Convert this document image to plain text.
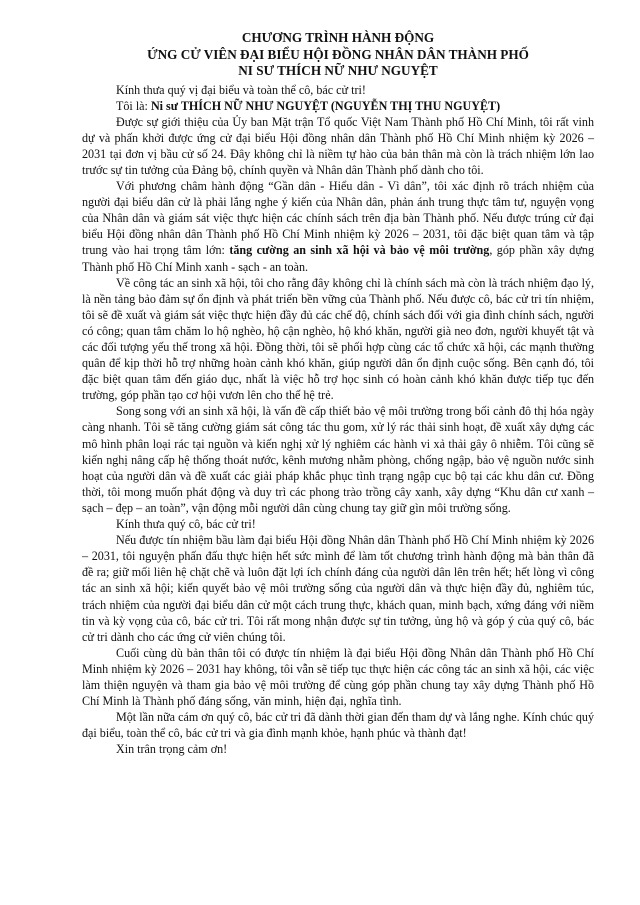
CHƯƠNG TRÌNH HÀNH ĐỘNG
ỨNG CỬ VIÊN ĐẠI BIỂU HỘI ĐỒNG NHÂN DÂN THÀNH PHỐ
NI SƯ THÍCH NỮ NHƯ NGUYỆT
Kính thưa quý vị đại biểu và toàn thể cô, bác cử tri!
Tôi là: Ni sư THÍCH NỮ NHƯ NGUYỆT (NGUYỄN THỊ THU NGUYỆT)

Được sự giới thiệu của Ủy ban Mặt trận Tổ quốc Việt Nam Thành phố Hồ Chí Minh, tôi rất vinh dự và phấn khởi được ứng cử đại biểu Hội đồng nhân dân Thành phố Hồ Chí Minh nhiệm kỳ 2026 – 2031 tại đơn vị bầu cử số 24. Đây không chỉ là niềm tự hào của bản thân mà còn là trách nhiệm lớn lao trước sự tin tưởng của Đảng bộ, chính quyền và Nhân dân Thành phố dành cho tôi.

Với phương châm hành động “Gần dân - Hiểu dân - Vì dân”, tôi xác định rõ trách nhiệm của người đại biểu dân cử là phải lắng nghe ý kiến của Nhân dân, phản ánh trung thực tâm tư, nguyện vọng của Nhân dân và giám sát việc thực hiện các chính sách trên địa bàn Thành phố. Nếu được trúng cử đại biểu Hội đồng nhân dân Thành phố Hồ Chí Minh nhiệm kỳ 2026 – 2031, tôi đặc biệt quan tâm và tập trung vào hai trọng tâm lớn: tăng cường an sinh xã hội và bảo vệ môi trường, góp phần xây dựng Thành phố Hồ Chí Minh xanh - sạch - an toàn.

Về công tác an sinh xã hội, tôi cho rằng đây không chỉ là chính sách mà còn là trách nhiệm đạo lý, là nền tảng bảo đảm sự ổn định và phát triển bền vững của Thành phố. Nếu được cô, bác cử tri tín nhiệm, tôi sẽ đề xuất và giám sát việc thực hiện đầy đủ các chế độ, chính sách đối với gia đình chính sách, người có công; quan tâm chăm lo hộ nghèo, hộ cận nghèo, hộ khó khăn, người già neo đơn, người khuyết tật và các đối tượng yếu thế trong xã hội. Đồng thời, tôi sẽ phối hợp cùng các tổ chức xã hội, các mạnh thường quân để kịp thời hỗ trợ những hoàn cảnh khó khăn, giúp người dân ổn định cuộc sống. Bên cạnh đó, tôi đặc biệt quan tâm đến giáo dục, nhất là việc hỗ trợ học sinh có hoàn cảnh khó khăn được tiếp tục đến trường, góp phần tạo cơ hội vươn lên cho thế hệ trẻ.

Song song với an sinh xã hội, là vấn đề cấp thiết bảo vệ môi trường trong bối cảnh đô thị hóa ngày càng nhanh. Tôi sẽ tăng cường giám sát công tác thu gom, xử lý rác thải sinh hoạt, đề xuất xây dựng các mô hình phân loại rác tại nguồn và kiến nghị xử lý nghiêm các hành vi xả thải gây ô nhiễm. Tôi cũng sẽ kiến nghị nâng cấp hệ thống thoát nước, kênh mương nhằm phòng, chống ngập, bảo vệ nguồn nước sinh hoạt của người dân và đề xuất các giải pháp khắc phục tình trạng ngập cục bộ tại các khu dân cư. Đồng thời, tôi mong muốn phát động và duy trì các phong trào trồng cây xanh, xây dựng “Khu dân cư xanh – sạch – đẹp – an toàn”, vận động mỗi người dân cùng chung tay giữ gìn môi trường sống.

Kính thưa quý cô, bác cử tri!

Nếu được tín nhiệm bầu làm đại biểu Hội đồng Nhân dân Thành phố Hồ Chí Minh nhiệm kỳ 2026 – 2031, tôi nguyện phấn đấu thực hiện hết sức mình để làm tốt chương trình hành động mà bản thân đã đề ra; giữ mối liên hệ chặt chẽ và luôn đặt lợi ích chính đáng của người dân lên trên hết; hết lòng vì công tác an sinh xã hội; kiến quyết bảo vệ môi trường sống của người dân và thực hiện đầy đủ, nghiêm túc, trách nhiệm của người đại biểu dân cử một cách trung thực, khách quan, minh bạch, xứng đáng với niềm tin và kỳ vọng của cô, bác cử tri. Tôi rất mong nhận được sự tin tưởng, ủng hộ và góp ý của quý cô, bác cử tri dành cho các ứng cử viên chúng tôi.

Cuối cùng dù bản thân tôi có được tín nhiệm là đại biểu Hội đồng Nhân dân Thành phố Hồ Chí Minh nhiệm kỳ 2026 – 2031 hay không, tôi vẫn sẽ tiếp tục thực hiện các công tác an sinh xã hội, các việc làm thiện nguyện và tham gia bảo vệ môi trường để cùng góp phần chung tay xây dựng Thành phố Hồ Chí Minh là Thành phố đáng sống, văn minh, hiện đại, nghĩa tình.

Một lần nữa cám ơn quý cô, bác cử tri đã dành thời gian đến tham dự và lắng nghe. Kính chúc quý đại biểu, toàn thể cô, bác cử tri và gia đình mạnh khỏe, hạnh phúc và thành đạt!

Xin trân trọng cảm ơn!
